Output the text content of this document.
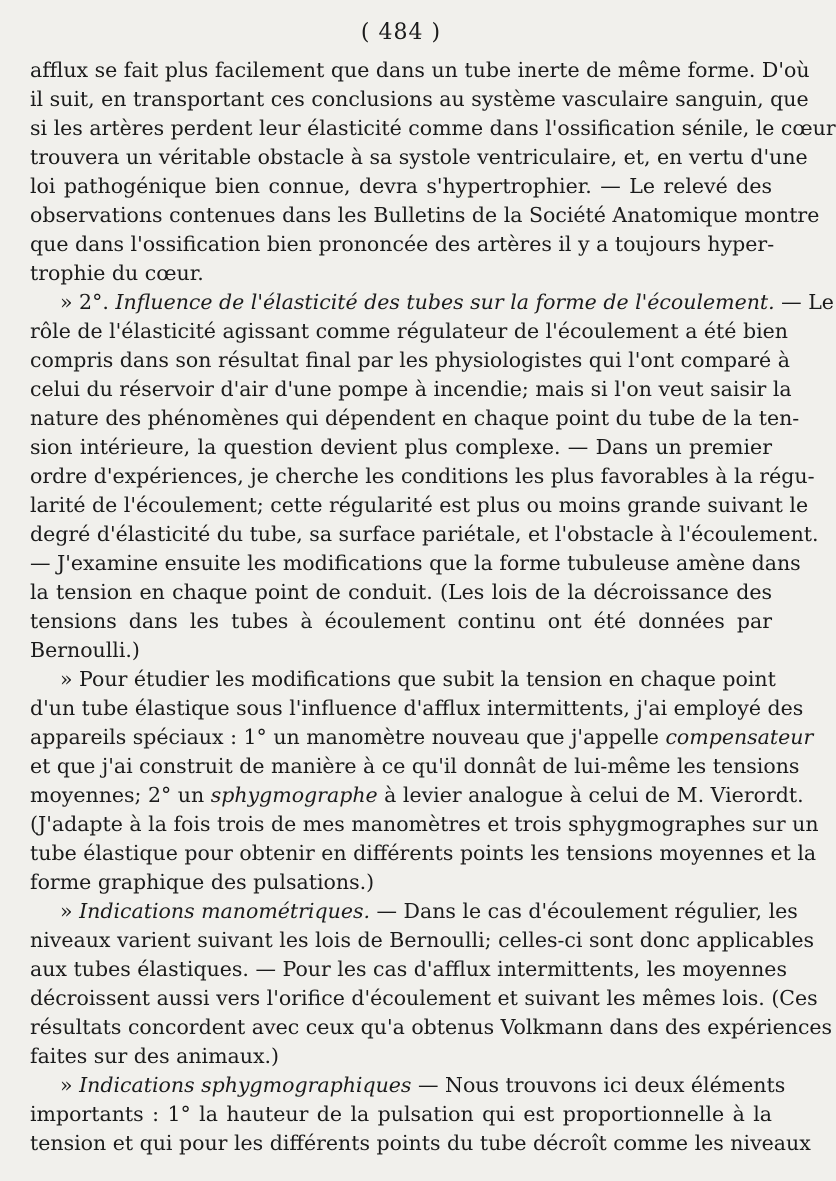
( 484 )
afflux se fait plus facilement que dans un tube inerte de même forme. D'où
il suit, en transportant ces conclusions au système vasculaire sanguin, que
si les artères perdent leur élasticité comme dans l'ossification sénile, le cœur
trouvera un véritable obstacle à sa systole ventriculaire, et, en vertu d'une
loi pathogénique bien connue, devra s'hypertrophier. — Le relevé des
observations contenues dans les Bulletins de la Société Anatomique montre
que dans l'ossification bien prononcée des artères il y a toujours hyper-
trophie du cœur.
» 2°. Influence de l'élasticité des tubes sur la forme de l'écoulement. — Le
rôle de l'élasticité agissant comme régulateur de l'écoulement a été bien
compris dans son résultat final par les physiologistes qui l'ont comparé à
celui du réservoir d'air d'une pompe à incendie; mais si l'on veut saisir la
nature des phénomènes qui dépendent en chaque point du tube de la ten-
sion intérieure, la question devient plus complexe. — Dans un premier
ordre d'expériences, je cherche les conditions les plus favorables à la régu-
larité de l'écoulement; cette régularité est plus ou moins grande suivant le
degré d'élasticité du tube, sa surface pariétale, et l'obstacle à l'écoulement.
— J'examine ensuite les modifications que la forme tubuleuse amène dans
la tension en chaque point de conduit. (Les lois de la décroissance des
tensions dans les tubes à écoulement continu ont été données par
Bernoulli.)
» Pour étudier les modifications que subit la tension en chaque point
d'un tube élastique sous l'influence d'afflux intermittents, j'ai employé des
appareils spéciaux : 1° un manomètre nouveau que j'appelle compensateur
et que j'ai construit de manière à ce qu'il donnât de lui-même les tensions
moyennes; 2° un sphygmographe à levier analogue à celui de M. Vierordt.
(J'adapte à la fois trois de mes manomètres et trois sphygmographes sur un
tube élastique pour obtenir en différents points les tensions moyennes et la
forme graphique des pulsations.)
» Indications manométriques. — Dans le cas d'écoulement régulier, les
niveaux varient suivant les lois de Bernoulli; celles-ci sont donc applicables
aux tubes élastiques. — Pour les cas d'afflux intermittents, les moyennes
décroissent aussi vers l'orifice d'écoulement et suivant les mêmes lois. (Ces
résultats concordent avec ceux qu'a obtenus Volkmann dans des expériences
faites sur des animaux.)
» Indications sphygmographiques — Nous trouvons ici deux éléments
importants : 1° la hauteur de la pulsation qui est proportionnelle à la
tension et qui pour les différents points du tube décroît comme les niveaux
